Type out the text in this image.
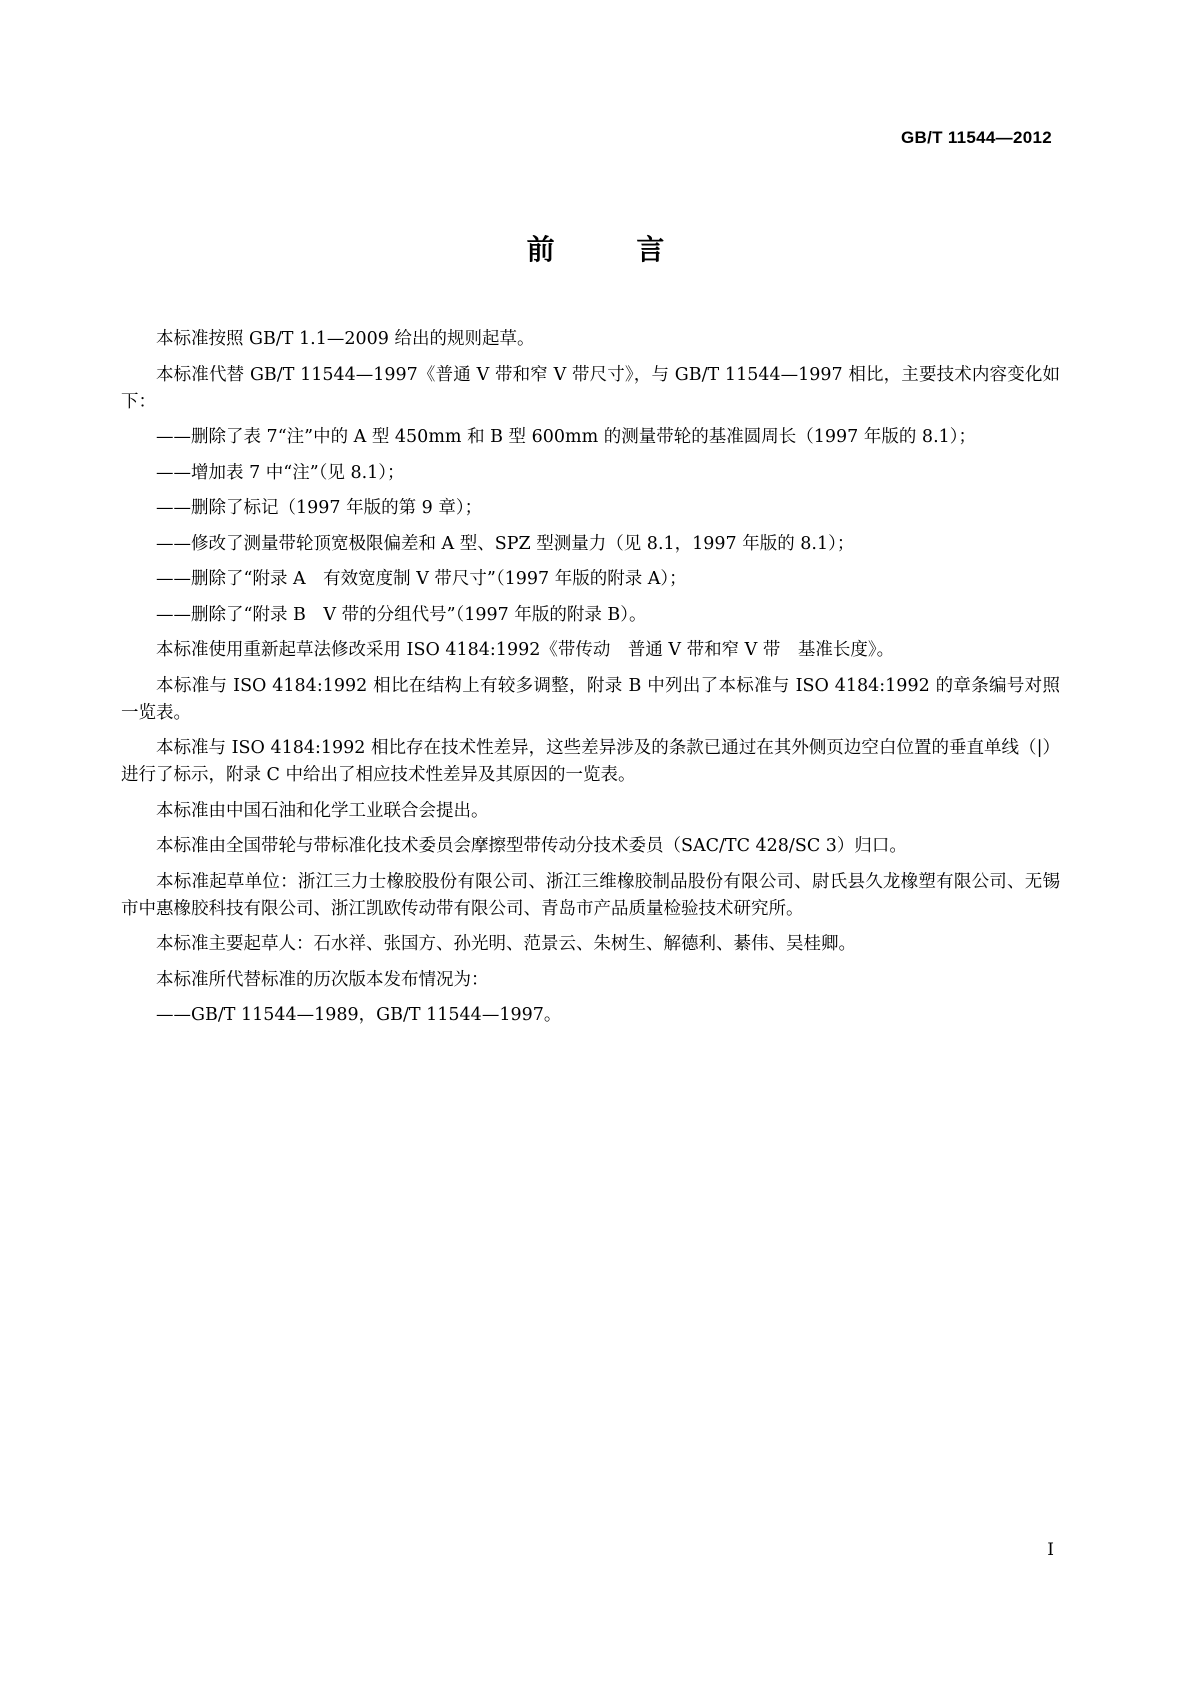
GB/T 11544—2012
前 言

本标准按照 GB/T 1.1—2009 给出的规则起草。

本标准代替 GB/T 11544—1997《普通 V 带和窄 V 带尺寸》，与 GB/T 11544—1997 相比，主要技术内容变化如下：

——删除了表 7“注”中的 A 型 450mm 和 B 型 600mm 的测量带轮的基准圆周长（1997 年版的 8.1）；

——增加表 7 中“注”（见 8.1）；

——删除了标记（1997 年版的第 9 章）；

——修改了测量带轮顶宽极限偏差和 A 型、SPZ 型测量力（见 8.1，1997 年版的 8.1）；

——删除了“附录 A　有效宽度制 V 带尺寸”（1997 年版的附录 A）；

——删除了“附录 B　V 带的分组代号”（1997 年版的附录 B）。

本标准使用重新起草法修改采用 ISO 4184:1992《带传动　普通 V 带和窄 V 带　基准长度》。

本标准与 ISO 4184:1992 相比在结构上有较多调整，附录 B 中列出了本标准与 ISO 4184:1992 的章条编号对照一览表。

本标准与 ISO 4184:1992 相比存在技术性差异，这些差异涉及的条款已通过在其外侧页边空白位置的垂直单线（|）进行了标示，附录 C 中给出了相应技术性差异及其原因的一览表。

本标准由中国石油和化学工业联合会提出。

本标准由全国带轮与带标准化技术委员会摩擦型带传动分技术委员（SAC/TC 428/SC 3）归口。

本标准起草单位：浙江三力士橡胶股份有限公司、浙江三维橡胶制品股份有限公司、尉氏县久龙橡塑有限公司、无锡市中惠橡胶科技有限公司、浙江凯欧传动带有限公司、青岛市产品质量检验技术研究所。

本标准主要起草人：石水祥、张国方、孙光明、范景云、朱树生、解德利、綦伟、吴桂卿。

本标准所代替标准的历次版本发布情况为：

——GB/T 11544—1989，GB/T 11544—1997。

I
